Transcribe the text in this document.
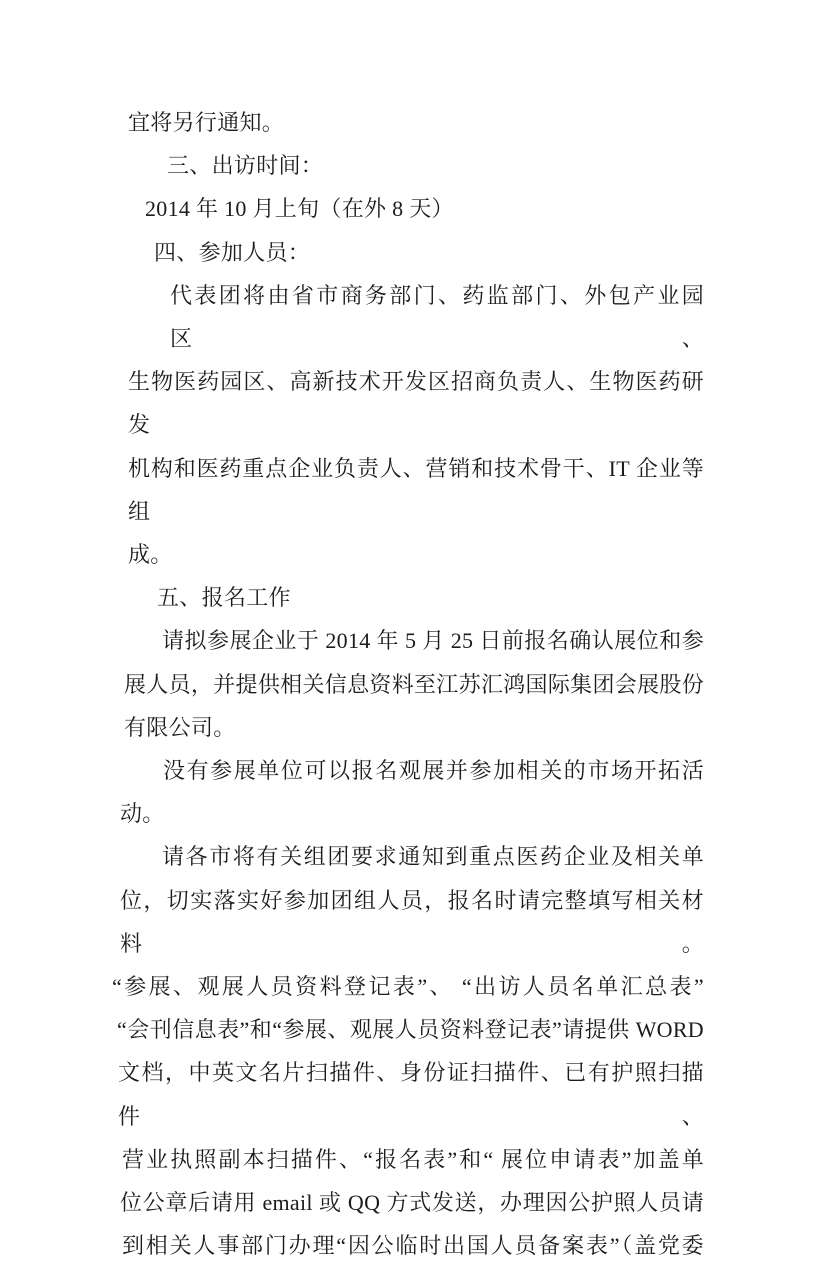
宜将另行通知。
三、出访时间：
2014 年 10 月上旬（在外 8 天）
四、参加人员：
代表团将由省市商务部门、药监部门、外包产业园区、
生物医药园区、高新技术开发区招商负责人、生物医药研发
机构和医药重点企业负责人、营销和技术骨干、IT 企业等组
成。
五、报名工作
请拟参展企业于 2014 年 5 月 25 日前报名确认展位和参
展人员，并提供相关信息资料至江苏汇鸿国际集团会展股份
有限公司。
没有参展单位可以报名观展并参加相关的市场开拓活
动。
请各市将有关组团要求通知到重点医药企业及相关单
位，切实落实好参加团组人员，报名时请完整填写相关材料。
“参展、观展人员资料登记表”、 “出访人员名单汇总表”
“会刊信息表”和“参展、观展人员资料登记表”请提供 WORD
文档，中英文名片扫描件、身份证扫描件、已有护照扫描件、
营业执照副本扫描件、“报名表”和“ 展位申请表”加盖单
位公章后请用 email 或 QQ 方式发送，办理因公护照人员请
到相关人事部门办理“因公临时出国人员备案表”（盖党委
